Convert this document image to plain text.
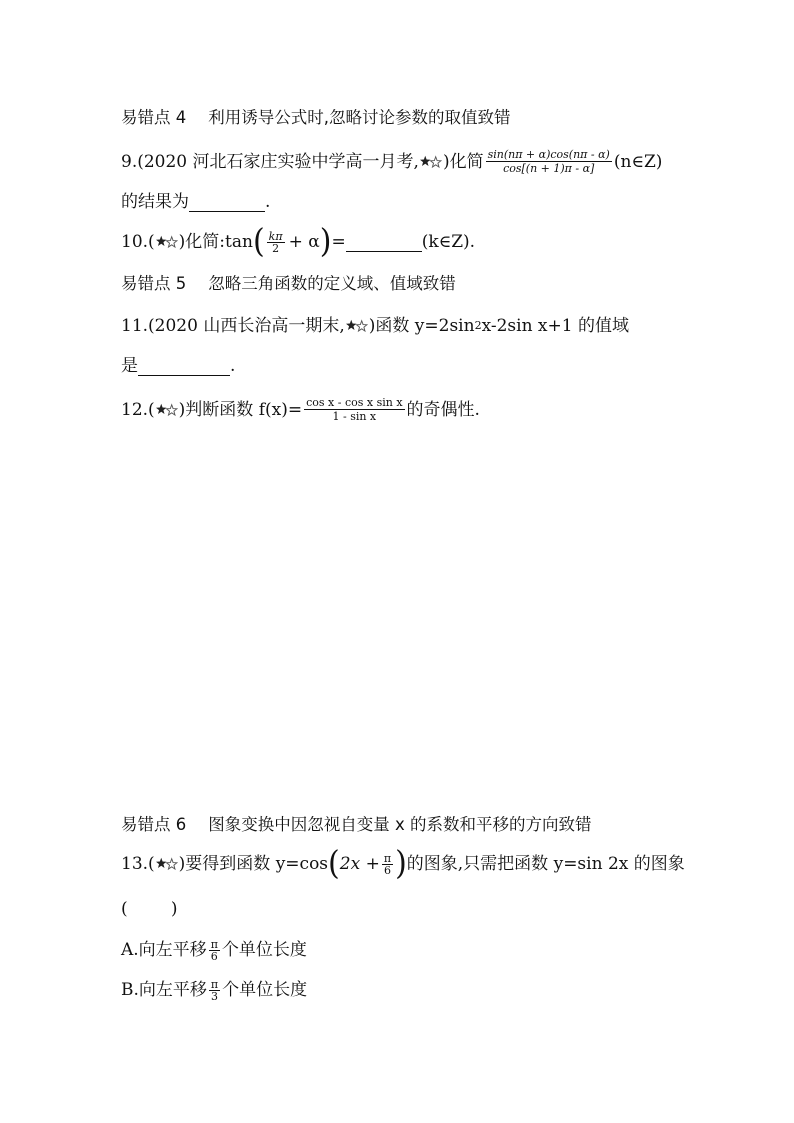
易错点 4 利用诱导公式时,忽略讨论参数的取值致错
9.(2020 河北石家庄实验中学高一月考, )化简 $\frac{\sin(n\pi + \alpha)\cos(n\pi - \alpha)}{\cos[(n + 1)\pi - \alpha]}$ (n∈Z)
的结果为	.
10.( )化简:tan ( $\frac{k\pi}{2} + \alpha$ ) =	(k∈Z).
易错点 5 忽略三角函数的定义域、值域致错
11.(2020 山西长治高一期末, )函数 y=2sin 2 x-2sin x+1 的值域
是	.
12.( )判断函数 $f(x)= \frac{\text{cos x - cos x sin x}}{\text{1 - sin x}}$ 的奇偶性.
易错点 6 图象变换中因忽视自变量 x 的系数和平移的方向致错
13.( )要得到函数 y=cos ( $2x + \frac{\pi}{6}$ ) 的图象,只需把函数 y=sin 2x 的图象
(        )
A.向左平移 $\frac{\pi}{6}$ 个单位长度
B.向左平移 $\frac{\pi}{3}$ 个单位长度
